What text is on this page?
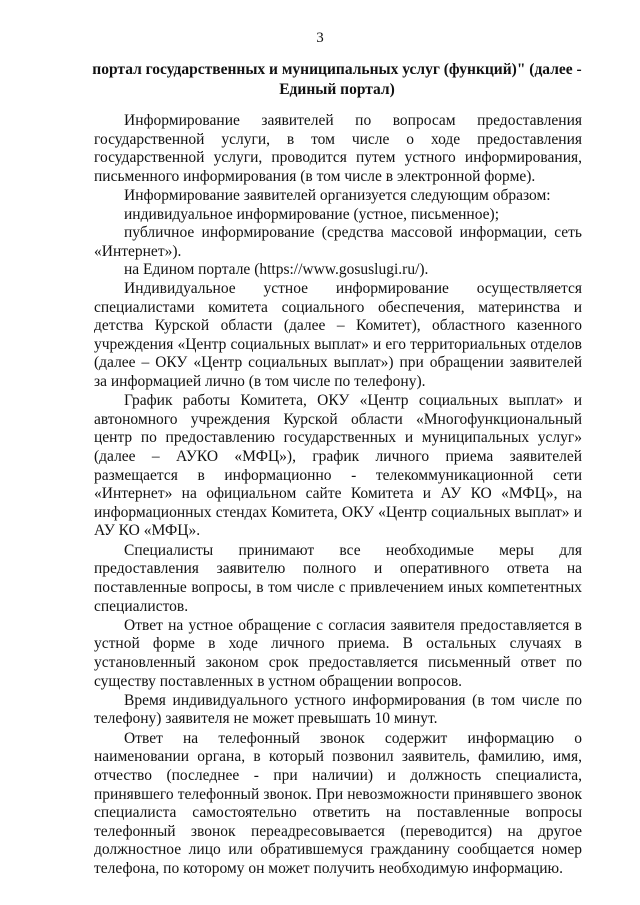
3
портал государственных и муниципальных услуг (функций)" (далее -
Единый портал)

Информирование заявителей по вопросам предоставления государственной услуги, в том числе о ходе предоставления государственной услуги, проводится путем устного информирования, письменного информирования (в том числе в электронной форме).

Информирование заявителей организуется следующим образом:

индивидуальное информирование (устное, письменное);

публичное информирование (средства массовой информации, сеть «Интернет»).

на Едином портале (https://www.gosuslugi.ru/).

Индивидуальное устное информирование осуществляется специалистами комитета социального обеспечения, материнства и детства Курской области (далее – Комитет), областного казенного учреждения «Центр социальных выплат» и его территориальных отделов (далее – ОКУ «Центр социальных выплат») при обращении заявителей за информацией лично (в том числе по телефону).

График работы Комитета, ОКУ «Центр социальных выплат» и автономного учреждения Курской области «Многофункциональный центр по предоставлению государственных и муниципальных услуг» (далее – АУКО «МФЦ»), график личного приема заявителей размещается в информационно - телекоммуникационной сети «Интернет» на официальном сайте Комитета и АУ КО «МФЦ», на информационных стендах Комитета, ОКУ «Центр социальных выплат» и АУ КО «МФЦ».

Специалисты принимают все необходимые меры для предоставления заявителю полного и оперативного ответа на поставленные вопросы, в том числе с привлечением иных компетентных специалистов.

Ответ на устное обращение с согласия заявителя предоставляется в устной форме в ходе личного приема. В остальных случаях в установленный законом срок предоставляется письменный ответ по существу поставленных в устном обращении вопросов.

Время индивидуального устного информирования (в том числе по телефону) заявителя не может превышать 10 минут.

Ответ на телефонный звонок содержит информацию о наименовании органа, в который позвонил заявитель, фамилию, имя, отчество (последнее - при наличии) и должность специалиста, принявшего телефонный звонок. При невозможности принявшего звонок специалиста самостоятельно ответить на поставленные вопросы телефонный звонок переадресовывается (переводится) на другое должностное лицо или обратившемуся гражданину сообщается номер телефона, по которому он может получить необходимую информацию.
